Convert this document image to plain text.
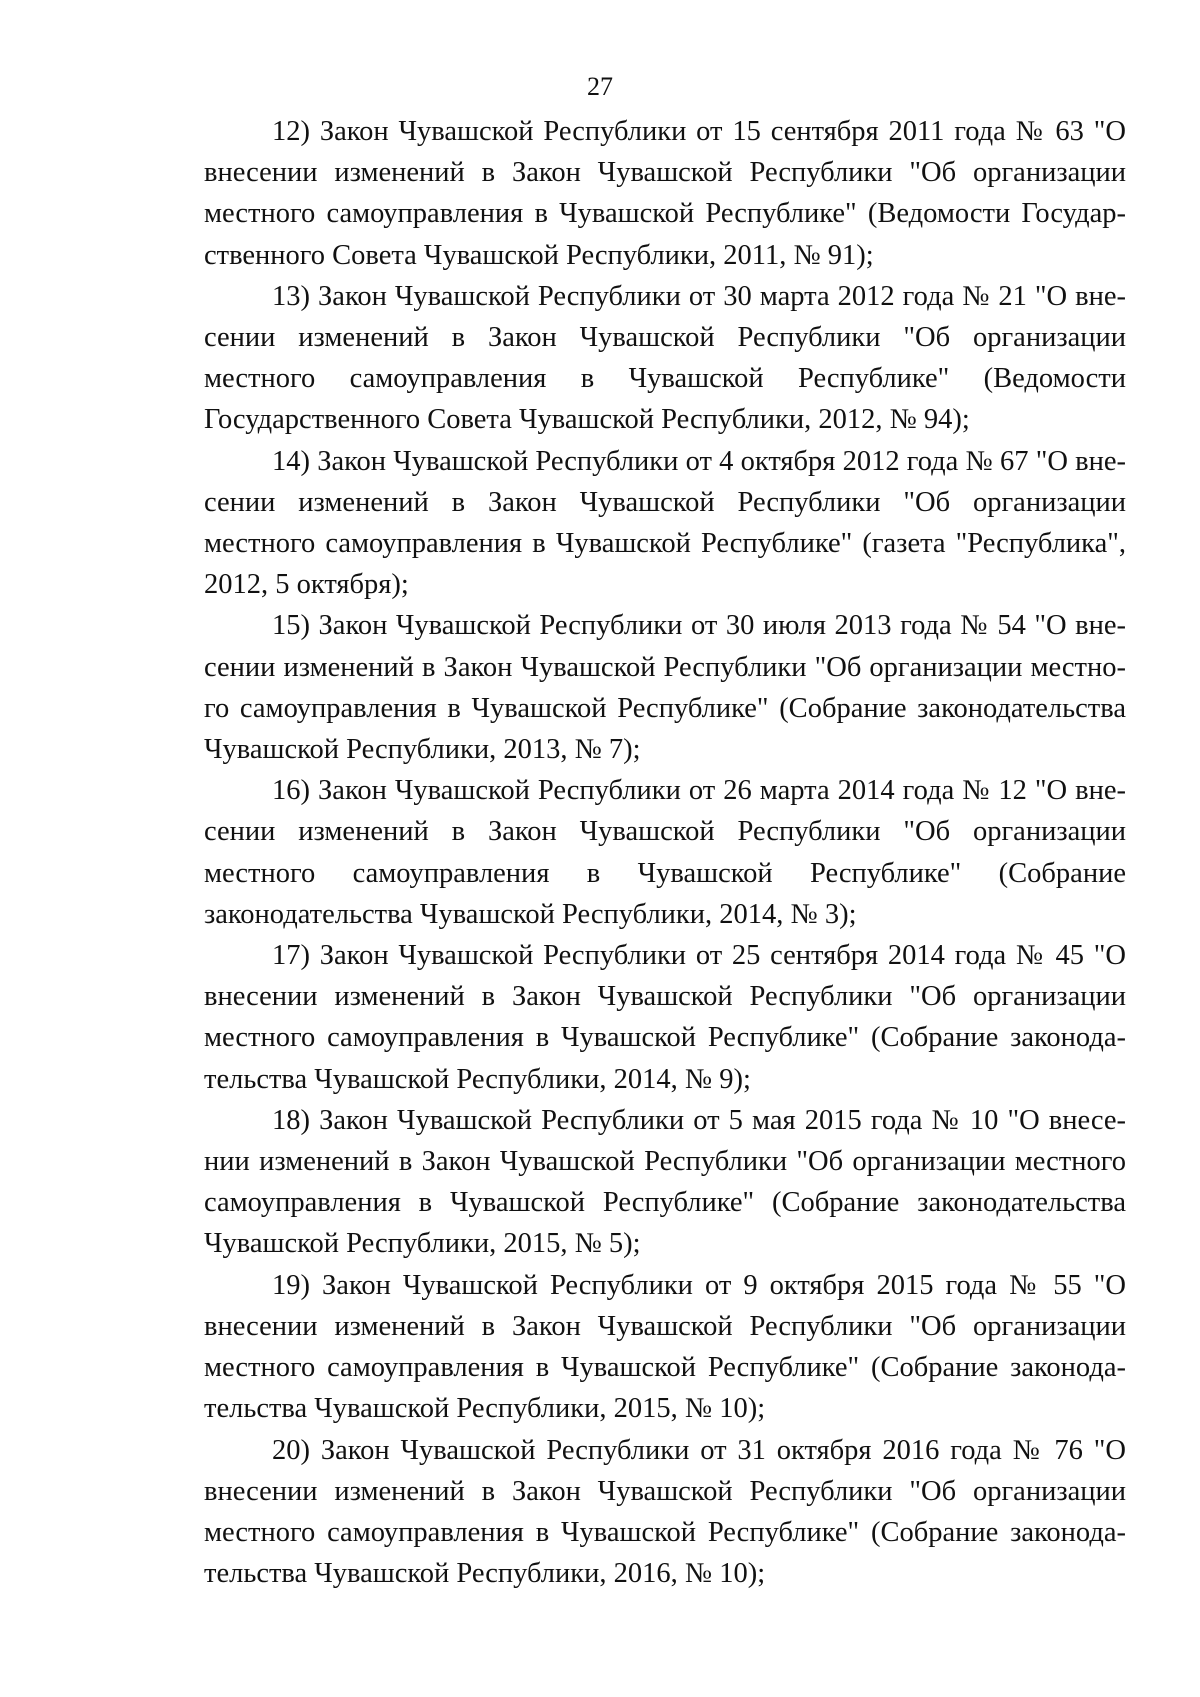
27

12) Закон Чувашской Республики от 15 сентября 2011 года № 63 "О внесении изменений в Закон Чувашской Республики "Об организации местного самоуправления в Чувашской Республике" (Ведомости Государственного Совета Чувашской Республики, 2011, № 91);

13) Закон Чувашской Республики от 30 марта 2012 года № 21 "О внесении изменений в Закон Чувашской Республики "Об организации местного самоуправления в Чувашской Республике" (Ведомости Государственного Совета Чувашской Республики, 2012, № 94);

14) Закон Чувашской Республики от 4 октября 2012 года № 67 "О внесении изменений в Закон Чувашской Республики "Об организации местного самоуправления в Чувашской Республике" (газета "Республика", 2012, 5 октября);

15) Закон Чувашской Республики от 30 июля 2013 года № 54 "О внесении изменений в Закон Чувашской Республики "Об организации местного самоуправления в Чувашской Республике" (Собрание законодательства Чувашской Республики, 2013, № 7);

16) Закон Чувашской Республики от 26 марта 2014 года № 12 "О внесении изменений в Закон Чувашской Республики "Об организации местного самоуправления в Чувашской Республике" (Собрание законодательства Чувашской Республики, 2014, № 3);

17) Закон Чувашской Республики от 25 сентября 2014 года № 45 "О внесении изменений в Закон Чувашской Республики "Об организации местного самоуправления в Чувашской Республике" (Собрание законодательства Чувашской Республики, 2014, № 9);

18) Закон Чувашской Республики от 5 мая 2015 года № 10 "О внесении изменений в Закон Чувашской Республики "Об организации местного самоуправления в Чувашской Республике" (Собрание законодательства Чувашской Республики, 2015, № 5);

19) Закон Чувашской Республики от 9 октября 2015 года № 55 "О внесении изменений в Закон Чувашской Республики "Об организации местного самоуправления в Чувашской Республике" (Собрание законодательства Чувашской Республики, 2015, № 10);

20) Закон Чувашской Республики от 31 октября 2016 года № 76 "О внесении изменений в Закон Чувашской Республики "Об организации местного самоуправления в Чувашской Республике" (Собрание законодательства Чувашской Республики, 2016, № 10);
